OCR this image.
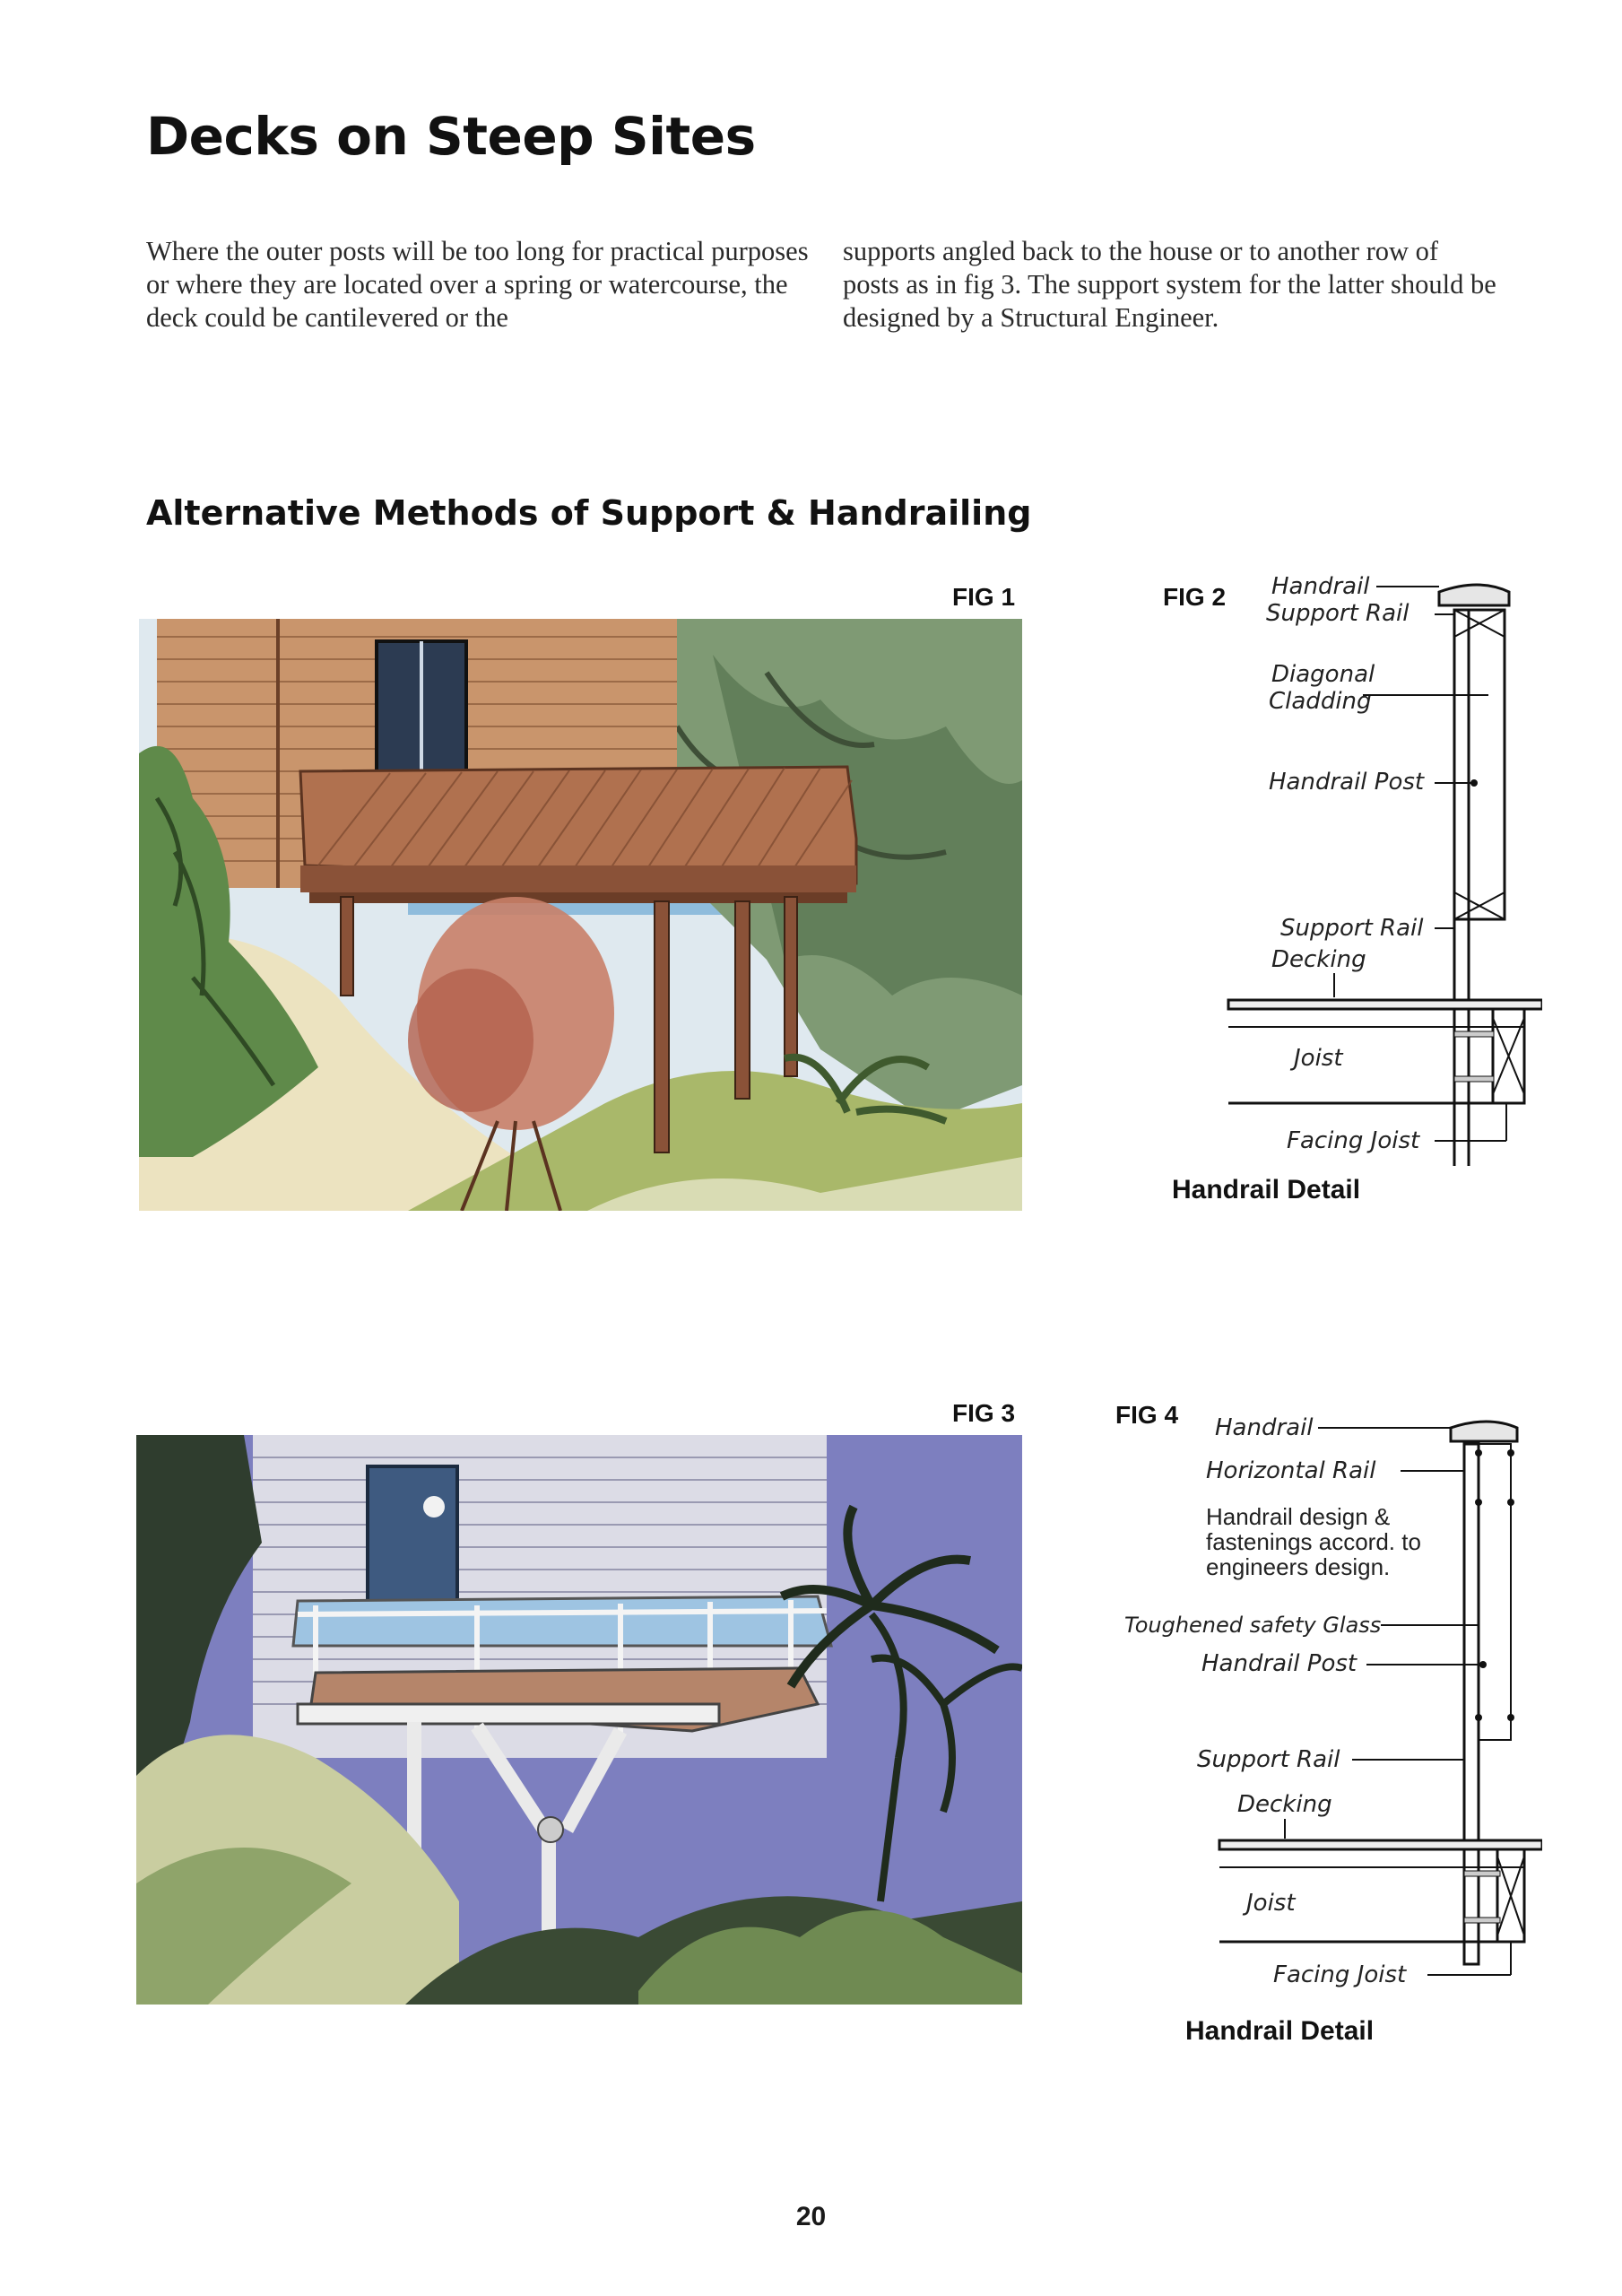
Decks on Steep Sites
Where the outer posts will be too long for practical purposes or where they are located over a spring or watercourse, the deck could be cantilevered or the
supports angled back to the house or to another row of posts as in fig 3. The support system for the latter should be designed by a Structural Engineer.
Alternative Methods of Support & Handrailing
FIG 1	FIG 2 Handrail
Support Rail
Diagonal
Cladding
Handrail Post
Support Rail
Decking
Joist
Facing Joist
Handrail Detail
FIG 3	FIG 4 Handrail
Horizontal Rail
Handrail design &
fastenings accord. to
engineers design.
Toughened safety Glass
Handrail Post
Support Rail
Decking
Joist
Facing Joist
Handrail Detail
20
